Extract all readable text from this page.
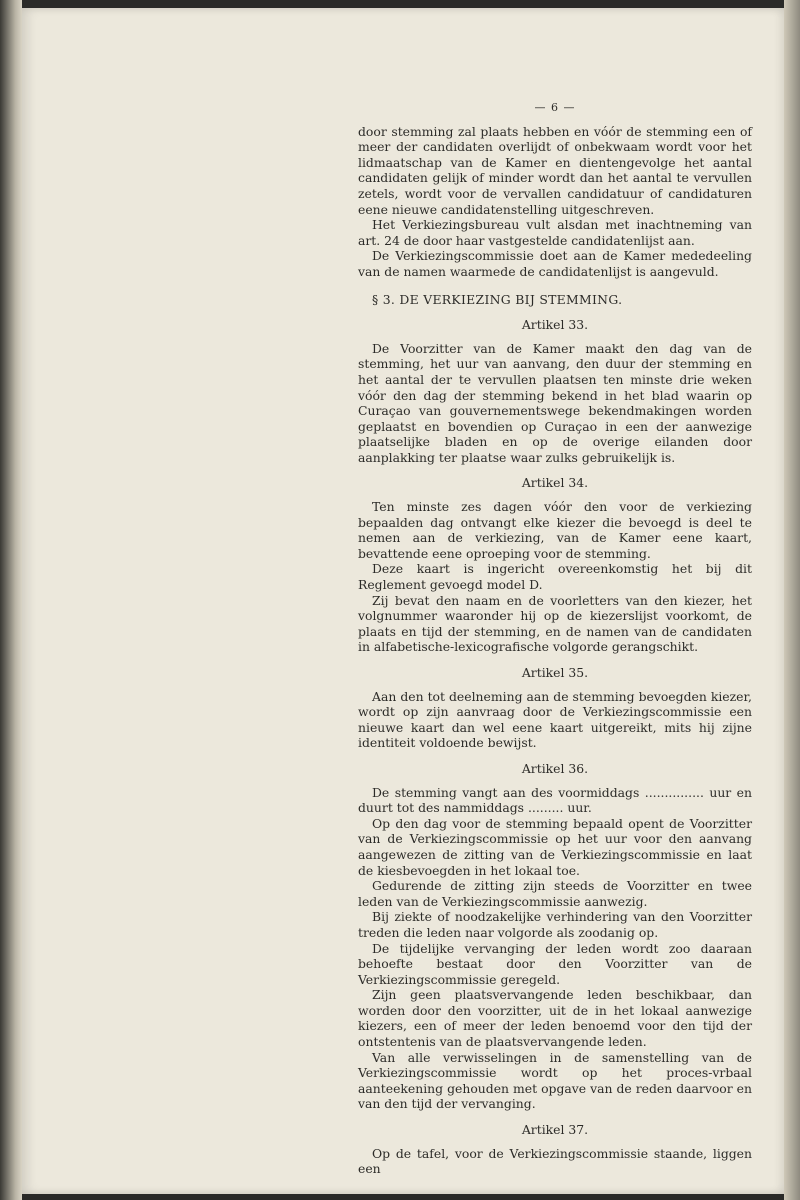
— 6 —

door stemming zal plaats hebben en vóór de stemming een of meer der candidaten overlijdt of onbekwaam wordt voor het lidmaatschap van de Kamer en dientengevolge het aantal candidaten gelijk of minder wordt dan het aantal te vervullen zetels, wordt voor de vervallen candidatuur of candidaturen eene nieuwe candidatenstelling uitgeschreven.

Het Verkiezingsbureau vult alsdan met inachtneming van art. 24 de door haar vastgestelde candidatenlijst aan.

De Verkiezingscommissie doet aan de Kamer mededeeling van de namen waarmede de candidatenlijst is aangevuld.

§ 3. DE VERKIEZING BIJ STEMMING.

Artikel 33.

De Voorzitter van de Kamer maakt den dag van de stemming, het uur van aanvang, den duur der stemming en het aantal der te vervullen plaatsen ten minste drie weken vóór den dag der stemming bekend in het blad waarin op Curaçao van gouvernementswege bekendmakingen worden geplaatst en bovendien op Curaçao in een der aanwezige plaatselijke bladen en op de overige eilanden door aanplakking ter plaatse waar zulks gebruikelijk is.

Artikel 34.

Ten minste zes dagen vóór den voor de verkiezing bepaalden dag ontvangt elke kiezer die bevoegd is deel te nemen aan de verkiezing, van de Kamer eene kaart, bevattende eene oproeping voor de stemming.

Deze kaart is ingericht overeenkomstig het bij dit Reglement gevoegd model D.

Zij bevat den naam en de voorletters van den kiezer, het volgnummer waaronder hij op de kiezerslijst voorkomt, de plaats en tijd der stemming, en de namen van de candidaten in alfabetische-lexicografische volgorde gerangschikt.

Artikel 35.

Aan den tot deelneming aan de stemming bevoegden kiezer, wordt op zijn aanvraag door de Verkiezingscommissie een nieuwe kaart dan wel eene kaart uitgereikt, mits hij zijne identiteit voldoende bewijst.

Artikel 36.

De stemming vangt aan des voormiddags ............... uur en duurt tot des nammiddags ......... uur.

Op den dag voor de stemming bepaald opent de Voorzitter van de Verkiezingscommissie op het uur voor den aanvang aangewezen de zitting van de Verkiezingscommissie en laat de kiesbevoegden in het lokaal toe.

Gedurende de zitting zijn steeds de Voorzitter en twee leden van de Verkiezingscommissie aanwezig.

Bij ziekte of noodzakelijke verhindering van den Voorzitter treden die leden naar volgorde als zoodanig op.

De tijdelijke vervanging der leden wordt zoo daaraan behoefte bestaat door den Voorzitter van de Verkiezingscommissie geregeld.

Zijn geen plaatsvervangende leden beschikbaar, dan worden door den voorzitter, uit de in het lokaal aanwezige kiezers, een of meer der leden benoemd voor den tijd der ontstentenis van de plaatsvervangende leden.

Van alle verwisselingen in de samenstelling van de Verkiezingscommissie wordt op het proces-vrbaal aanteekening gehouden met opgave van de reden daarvoor en van den tijd der vervanging.

Artikel 37.

Op de tafel, voor de Verkiezingscommissie staande, liggen een
